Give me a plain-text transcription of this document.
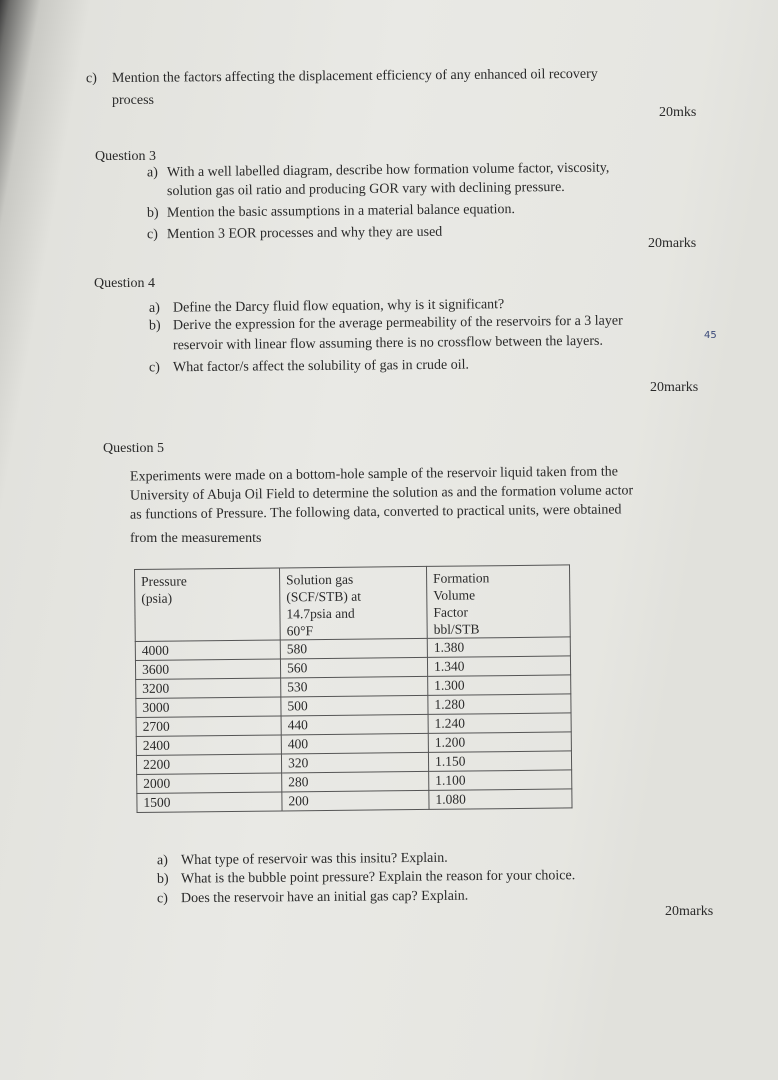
c) Mention the factors affecting the displacement efficiency of any enhanced oil recovery
process
20mks
Question 3
a) With a well labelled diagram, describe how formation volume factor, viscosity,
solution gas oil ratio and producing GOR vary with declining pressure.
b) Mention the basic assumptions in a material balance equation.
c) Mention 3 EOR processes and why they are used
20marks
Question 4
a) Define the Darcy fluid flow equation, why is it significant?
b) Derive the expression for the average permeability of the reservoirs for a 3 layer
reservoir with linear flow assuming there is no crossflow between the layers.	45
c) What factor/s affect the solubility of gas in crude oil.
20marks
Question 5
Experiments were made on a bottom-hole sample of the reservoir liquid taken from the
University of Abuja Oil Field to determine the solution as and the formation volume actor
as functions of Pressure. The following data, converted to practical units, were obtained
from the measurements
Pressure
(psia)	Solution gas
(SCF/STB) at
14.7psia and
60°F	Formation
Volume
Factor
bbl/STB

4000	580	1.380
3600	560	1.340
3200	530	1.300
3000	500	1.280
2700	440	1.240
2400	400	1.200
2200	320	1.150
2000	280	1.100
1500	200	1.080
a) What type of reservoir was this insitu? Explain.
b) What is the bubble point pressure? Explain the reason for your choice.
c) Does the reservoir have an initial gas cap? Explain.
20marks
